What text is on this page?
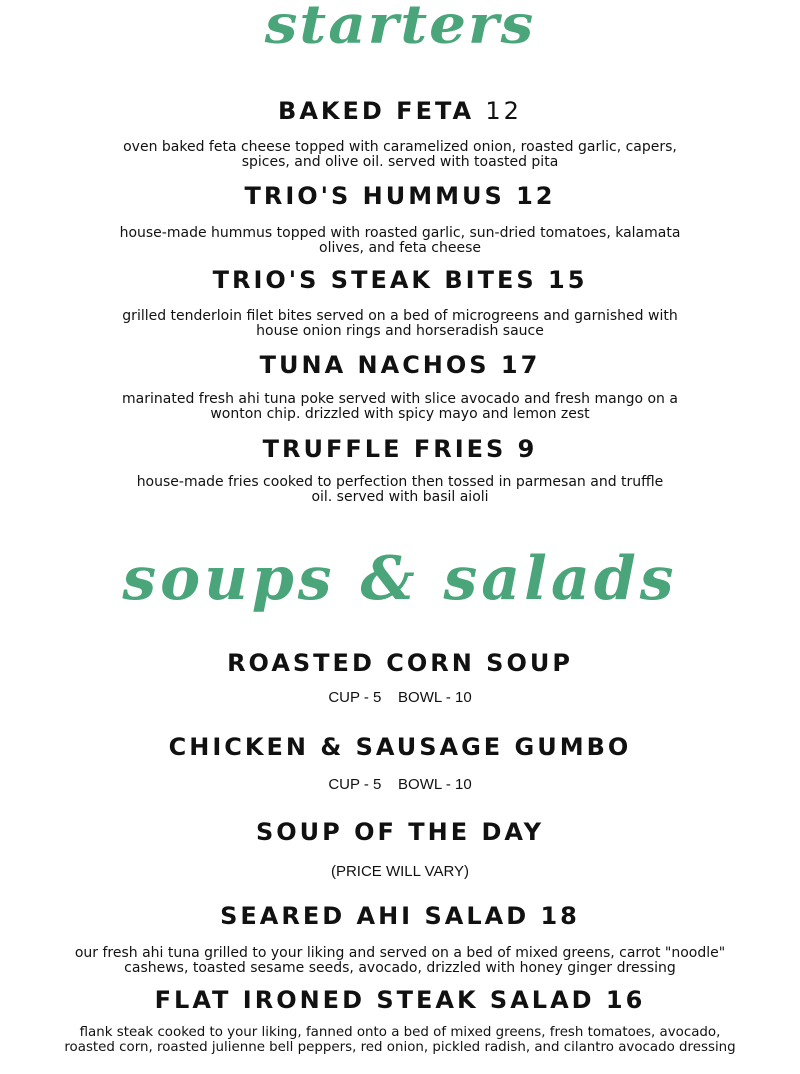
starters
BAKED FETA 12

oven baked feta cheese topped with caramelized onion, roasted garlic, capers,
spices, and olive oil. served with toasted pita

TRIO'S HUMMUS 12

house-made hummus topped with roasted garlic, sun-dried tomatoes, kalamata
olives, and feta cheese

TRIO'S STEAK BITES 15

grilled tenderloin filet bites served on a bed of microgreens and garnished with
house onion rings and horseradish sauce

TUNA NACHOS 17

marinated fresh ahi tuna poke served with slice avocado and fresh mango on a
wonton chip. drizzled with spicy mayo and lemon zest

TRUFFLE FRIES 9

house-made fries cooked to perfection then tossed in parmesan and truffle
oil. served with basil aioli

soups & salads
ROASTED CORN SOUP

CUP - 5    BOWL - 10

CHICKEN & SAUSAGE GUMBO

CUP - 5    BOWL - 10

SOUP OF THE DAY

(PRICE WILL VARY)

SEARED AHI SALAD 18

our fresh ahi tuna grilled to your liking and served on a bed of mixed greens, carrot "noodle"
cashews, toasted sesame seeds, avocado, drizzled with honey ginger dressing

FLAT IRONED STEAK SALAD 16

flank steak cooked to your liking, fanned onto a bed of mixed greens, fresh tomatoes, avocado,
roasted corn, roasted julienne bell peppers, red onion, pickled radish, and cilantro avocado dressing
